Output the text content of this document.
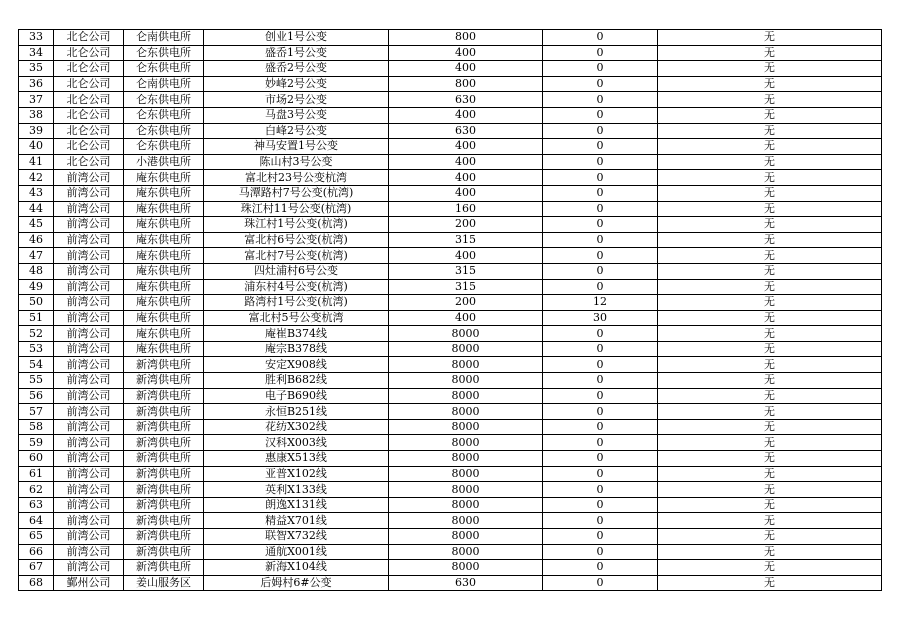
33	北仑公司	仑南供电所	创业1号公变	800	0	无
34	北仑公司	仑东供电所	盛岙1号公变	400	0	无
35	北仑公司	仑东供电所	盛岙2号公变	400	0	无
36	北仑公司	仑南供电所	妙峰2号公变	800	0	无
37	北仑公司	仑东供电所	市场2号公变	630	0	无
38	北仑公司	仑东供电所	马盘3号公变	400	0	无
39	北仑公司	仑东供电所	白峰2号公变	630	0	无
40	北仑公司	仑东供电所	神马安置1号公变	400	0	无
41	北仑公司	小港供电所	陈山村3号公变	400	0	无
42	前湾公司	庵东供电所	富北村23号公变杭湾	400	0	无
43	前湾公司	庵东供电所	马潭路村7号公变(杭湾)	400	0	无
44	前湾公司	庵东供电所	珠江村11号公变(杭湾)	160	0	无
45	前湾公司	庵东供电所	珠江村1号公变(杭湾)	200	0	无
46	前湾公司	庵东供电所	富北村6号公变(杭湾)	315	0	无
47	前湾公司	庵东供电所	富北村7号公变(杭湾)	400	0	无
48	前湾公司	庵东供电所	四灶浦村6号公变	315	0	无
49	前湾公司	庵东供电所	浦东村4号公变(杭湾)	315	0	无
50	前湾公司	庵东供电所	路湾村1号公变(杭湾)	200	12	无
51	前湾公司	庵东供电所	富北村5号公变杭湾	400	30	无
52	前湾公司	庵东供电所	庵崔B374线	8000	0	无
53	前湾公司	庵东供电所	庵宗B378线	8000	0	无
54	前湾公司	新湾供电所	安定X908线	8000	0	无
55	前湾公司	新湾供电所	胜利B682线	8000	0	无
56	前湾公司	新湾供电所	电子B690线	8000	0	无
57	前湾公司	新湾供电所	永恒B251线	8000	0	无
58	前湾公司	新湾供电所	花纺X302线	8000	0	无
59	前湾公司	新湾供电所	汉科X003线	8000	0	无
60	前湾公司	新湾供电所	惠康X513线	8000	0	无
61	前湾公司	新湾供电所	亚普X102线	8000	0	无
62	前湾公司	新湾供电所	英利X133线	8000	0	无
63	前湾公司	新湾供电所	朗逸X131线	8000	0	无
64	前湾公司	新湾供电所	精益X701线	8000	0	无
65	前湾公司	新湾供电所	联智X732线	8000	0	无
66	前湾公司	新湾供电所	通航X001线	8000	0	无
67	前湾公司	新湾供电所	新海X104线	8000	0	无
68	鄞州公司	姜山服务区	后姆村6#公变	630	0	无
